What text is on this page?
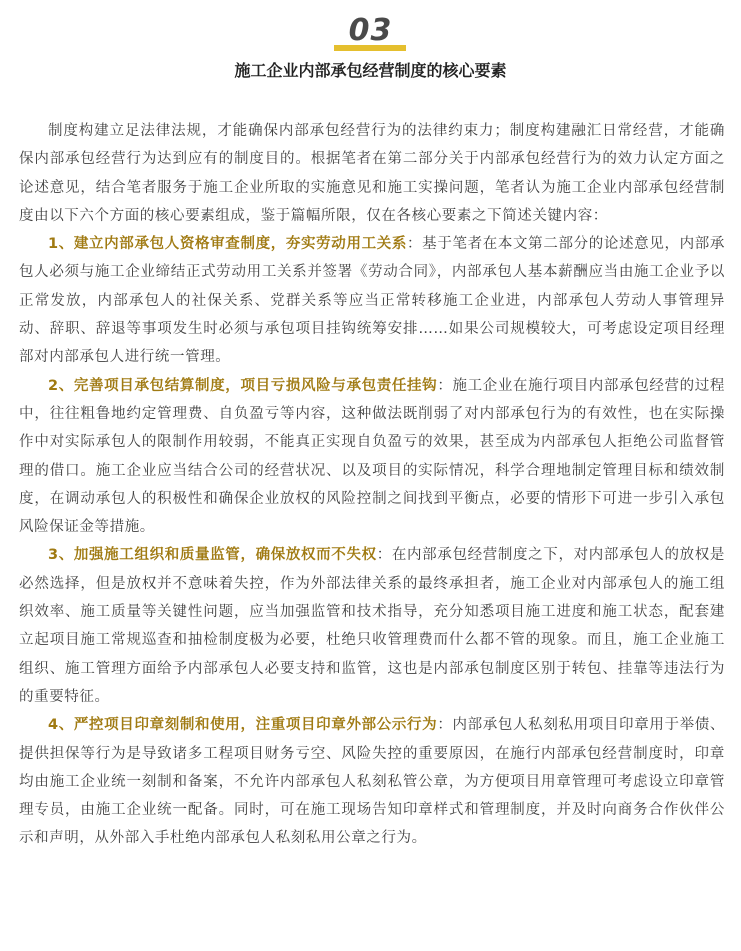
03
施工企业内部承包经营制度的核心要素

制度构建立足法律法规，才能确保内部承包经营行为的法律约束力；制度构建融汇日常经营，才能确保内部承包经营行为达到应有的制度目的。根据笔者在第二部分关于内部承包经营行为的效力认定方面之论述意见，结合笔者服务于施工企业所取的实施意见和施工实操问题，笔者认为施工企业内部承包经营制度由以下六个方面的核心要素组成，鉴于篇幅所限，仅在各核心要素之下简述关键内容：

1、建立内部承包人资格审查制度，夯实劳动用工关系：基于笔者在本文第二部分的论述意见，内部承包人必须与施工企业缔结正式劳动用工关系并签署《劳动合同》，内部承包人基本薪酬应当由施工企业予以正常发放，内部承包人的社保关系、党群关系等应当正常转移施工企业进，内部承包人劳动人事管理异动、辞职、辞退等事项发生时必须与承包项目挂钩统筹安排……如果公司规模较大，可考虑设定项目经理部对内部承包人进行统一管理。

2、完善项目承包结算制度，项目亏损风险与承包责任挂钩：施工企业在施行项目内部承包经营的过程中，往往粗鲁地约定管理费、自负盈亏等内容，这种做法既削弱了对内部承包行为的有效性，也在实际操作中对实际承包人的限制作用较弱，不能真正实现自负盈亏的效果，甚至成为内部承包人拒绝公司监督管理的借口。施工企业应当结合公司的经营状况、以及项目的实际情况，科学合理地制定管理目标和绩效制度，在调动承包人的积极性和确保企业放权的风险控制之间找到平衡点，必要的情形下可进一步引入承包风险保证金等措施。

3、加强施工组织和质量监管，确保放权而不失权：在内部承包经营制度之下，对内部承包人的放权是必然选择，但是放权并不意味着失控，作为外部法律关系的最终承担者，施工企业对内部承包人的施工组织效率、施工质量等关键性问题，应当加强监管和技术指导，充分知悉项目施工进度和施工状态，配套建立起项目施工常规巡查和抽检制度极为必要，杜绝只收管理费而什么都不管的现象。而且，施工企业施工组织、施工管理方面给予内部承包人必要支持和监管，这也是内部承包制度区别于转包、挂靠等违法行为的重要特征。

4、严控项目印章刻制和使用，注重项目印章外部公示行为：内部承包人私刻私用项目印章用于举债、提供担保等行为是导致诸多工程项目财务亏空、风险失控的重要原因，在施行内部承包经营制度时，印章均由施工企业统一刻制和备案，不允许内部承包人私刻私管公章，为方便项目用章管理可考虑设立印章管理专员，由施工企业统一配备。同时，可在施工现场告知印章样式和管理制度，并及时向商务合作伙伴公示和声明，从外部入手杜绝内部承包人私刻私用公章之行为。
